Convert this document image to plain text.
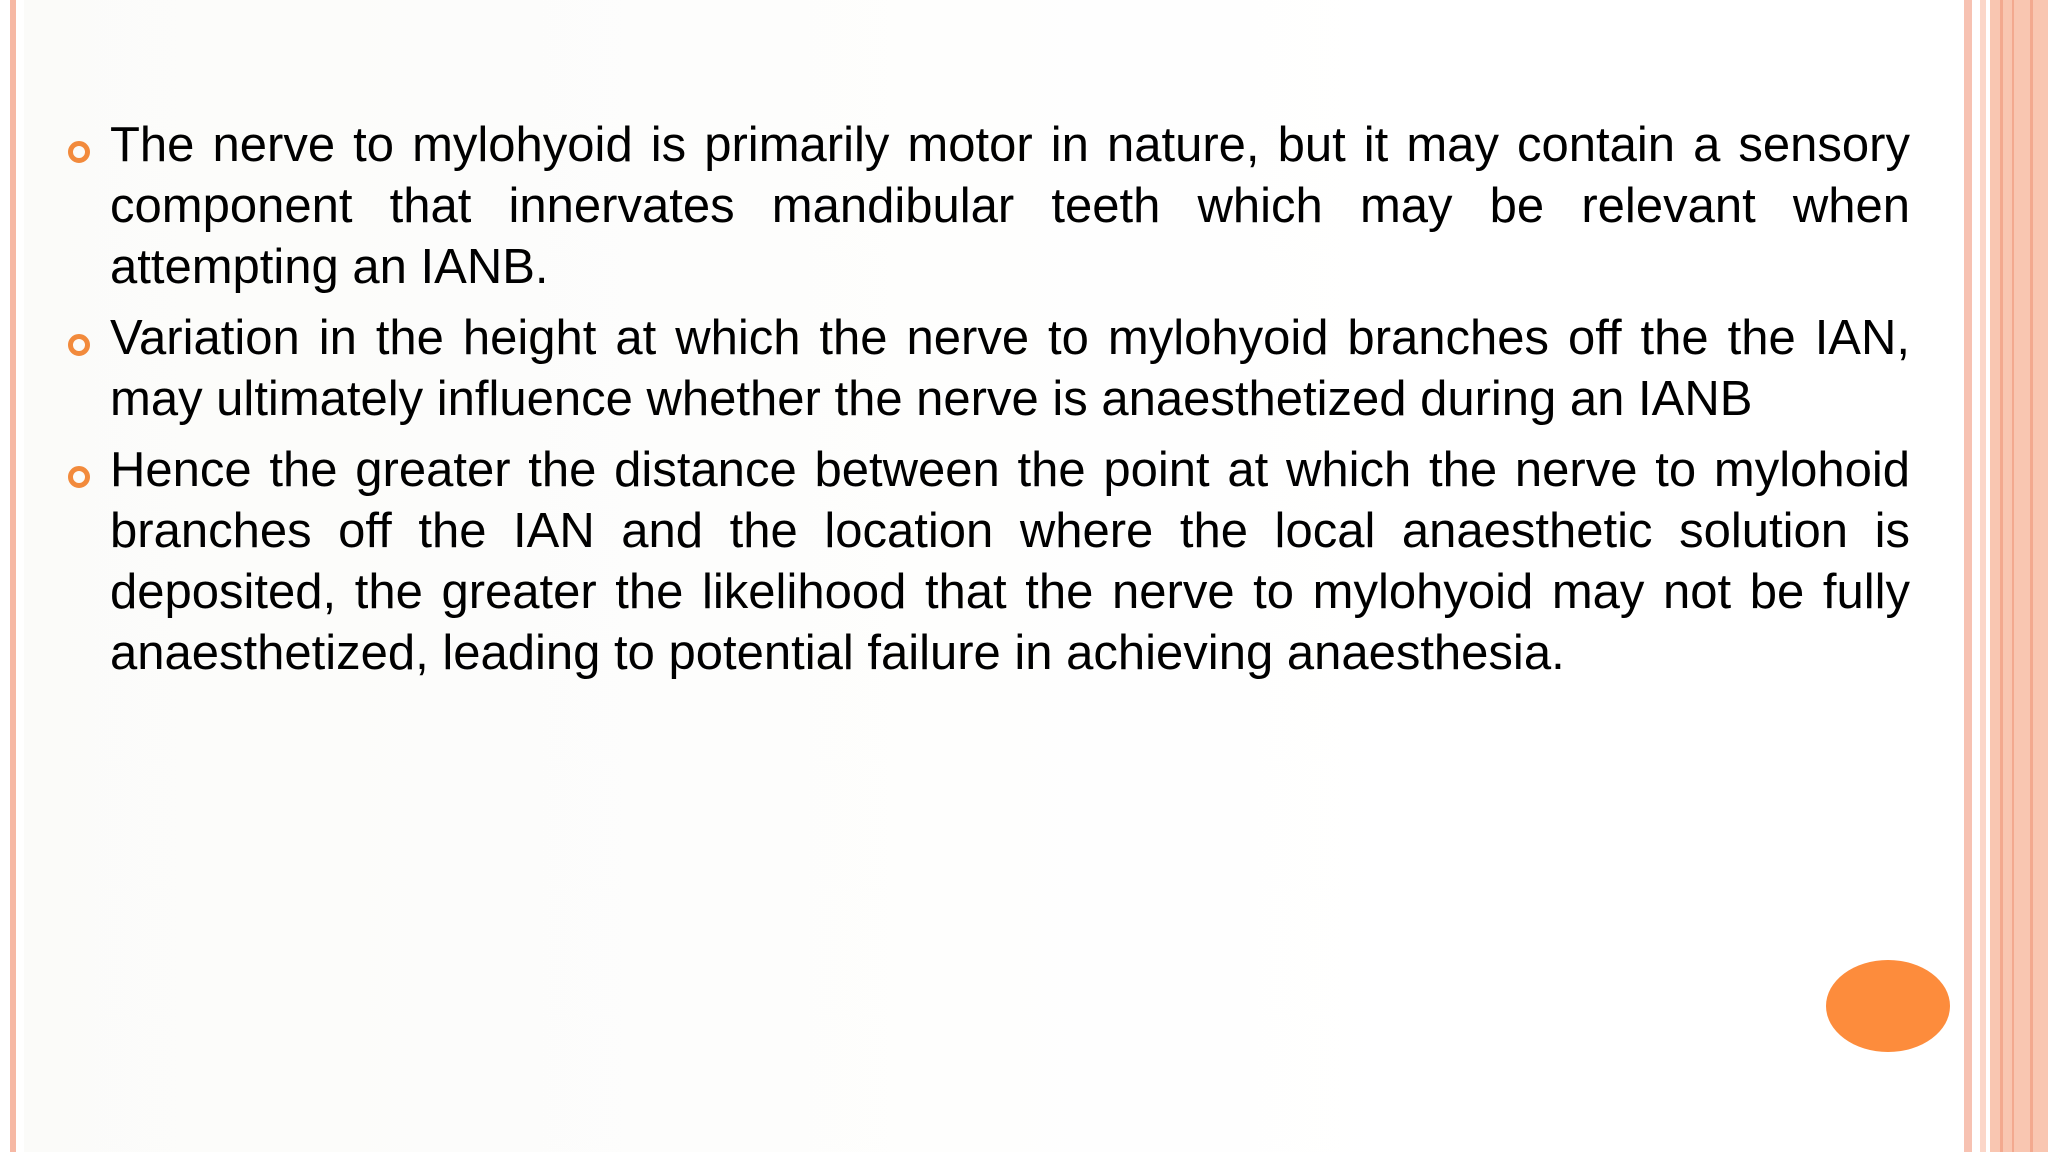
The nerve to mylohyoid is primarily motor in nature, but it may contain a sensory component that innervates mandibular teeth which may be relevant when attempting an IANB.

Variation in the height at which the nerve to mylohyoid branches off the the IAN, may ultimately influence whether the nerve is anaesthetized during an IANB

Hence the greater the distance between the point at which the nerve to mylohoid branches off the IAN and the location where the local anaesthetic solution is deposited, the greater the likelihood that the nerve to mylohyoid may not be fully anaesthetized, leading to potential failure in achieving anaesthesia.
